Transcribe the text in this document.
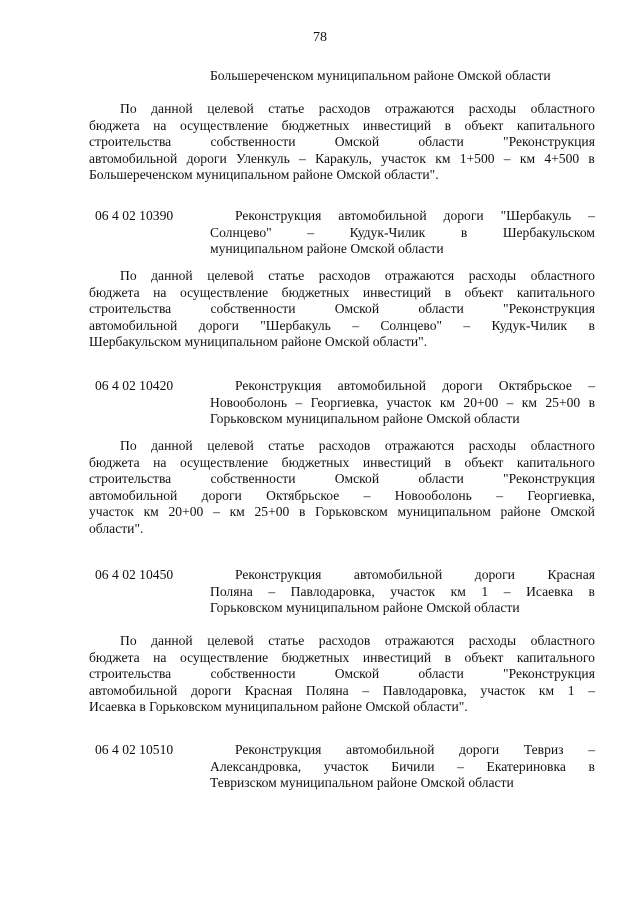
78
Большереченском муниципальном районе Омской области
По данной целевой статье расходов отражаются расходы областного
бюджета на осуществление бюджетных инвестиций в объект капитального
строительства	собственности	Омской	области	"Реконструкция
автомобильной дороги Уленкуль – Каракуль, участок км 1+500 – км 4+500 в
Большереченском муниципальном районе Омской области".
06 4 02 10390	Реконструкция автомобильной дороги "Шербакуль –
Солнцево"	–	Кудук-Чилик	в	Шербакульском
муниципальном районе Омской области
По данной целевой статье расходов отражаются расходы областного
бюджета на осуществление бюджетных инвестиций в объект капитального
строительства	собственности	Омской	области	"Реконструкция
автомобильной дороги "Шербакуль – Солнцево" – Кудук-Чилик в
Шербакульском муниципальном районе Омской области".
06 4 02 10420	Реконструкция автомобильной дороги Октябрьское –
Новооболонь – Георгиевка, участок км 20+00 – км 25+00 в
Горьковском муниципальном районе Омской области
По данной целевой статье расходов отражаются расходы областного
бюджета на осуществление бюджетных инвестиций в объект капитального
строительства	собственности	Омской	области	"Реконструкция
автомобильной дороги Октябрьское – Новооболонь – Георгиевка,
участок км 20+00 – км 25+00 в Горьковском муниципальном районе Омской
области".
06 4 02 10450	Реконструкция автомобильной дороги Красная
Поляна – Павлодаровка, участок км 1 – Исаевка в
Горьковском муниципальном районе Омской области
По данной целевой статье расходов отражаются расходы областного
бюджета на осуществление бюджетных инвестиций в объект капитального
строительства	собственности	Омской	области	"Реконструкция
автомобильной дороги Красная Поляна – Павлодаровка, участок км 1 –
Исаевка в Горьковском муниципальном районе Омской области".
06 4 02 10510	Реконструкция автомобильной дороги Тевриз –
Александровка, участок Бичили – Екатериновка в
Тевризском муниципальном районе Омской области
